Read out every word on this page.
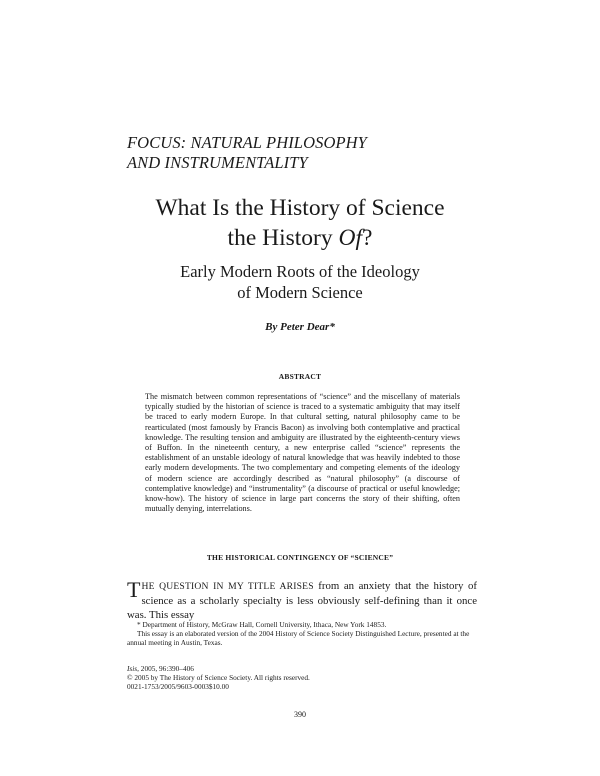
FOCUS: NATURAL PHILOSOPHY
AND INSTRUMENTALITY
What Is the History of Science
the History Of?
Early Modern Roots of the Ideology
of Modern Science
By Peter Dear*
ABSTRACT
The mismatch between common representations of “science” and the miscellany of materials typically studied by the historian of science is traced to a systematic ambiguity that may itself be traced to early modern Europe. In that cultural setting, natural philosophy came to be rearticulated (most famously by Francis Bacon) as involving both contemplative and practical knowledge. The resulting tension and ambiguity are illustrated by the eighteenth-century views of Buffon. In the nineteenth century, a new enterprise called “science” represents the establishment of an unstable ideology of natural knowledge that was heavily indebted to those early modern developments. The two complementary and competing elements of the ideology of modern science are accordingly described as “natural philosophy” (a discourse of contemplative knowledge) and “instrumentality” (a discourse of practical or useful knowledge; know-how). The history of science in large part concerns the story of their shifting, often mutually denying, interrelations.
THE HISTORICAL CONTINGENCY OF “SCIENCE”
THE QUESTION IN MY TITLE ARISES from an anxiety that the history of science as a scholarly specialty is less obviously self-defining than it once was. This essay

* Department of History, McGraw Hall, Cornell University, Ithaca, New York 14853.

This essay is an elaborated version of the 2004 History of Science Society Distinguished Lecture, presented at the annual meeting in Austin, Texas.

Isis, 2005, 96:390–406

© 2005 by The History of Science Society. All rights reserved.

0021-1753/2005/9603-0003$10.00

390
